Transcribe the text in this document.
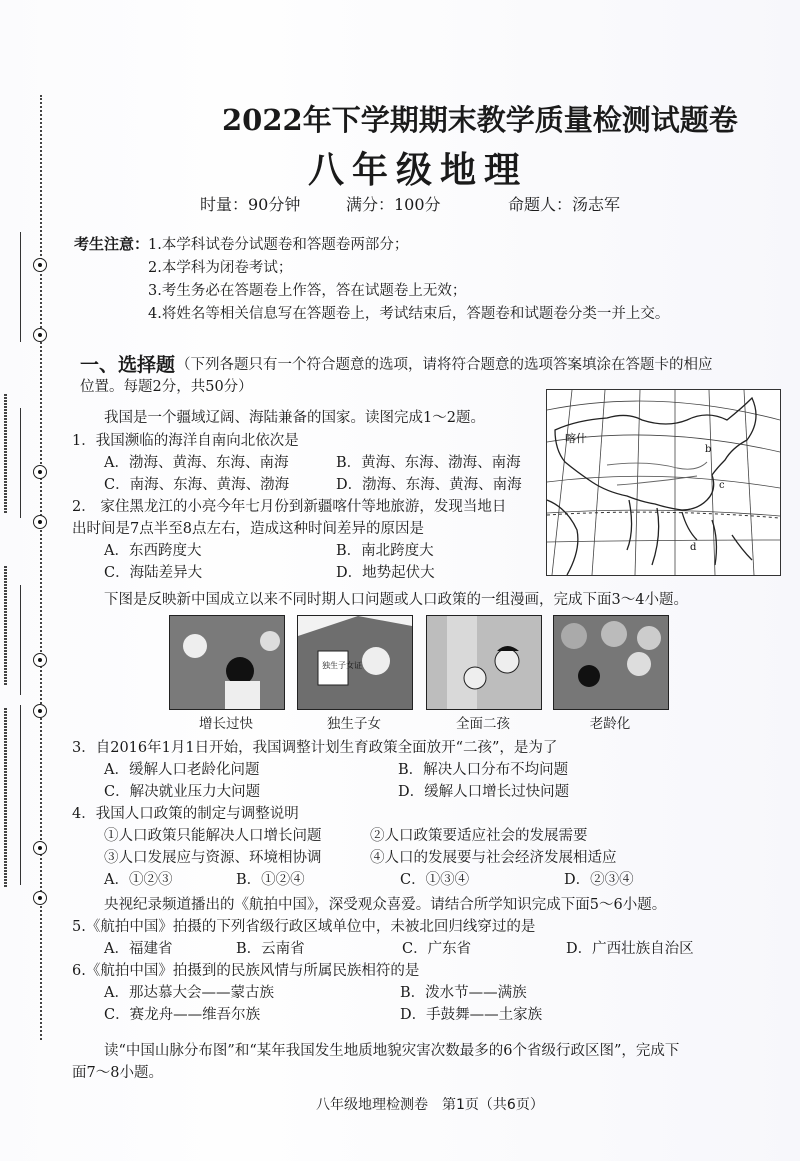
2022年下学期期末教学质量检测试题卷
八年级地理
时量：90分钟	满分：100分	命题人：汤志军
考生注意：
1.本学科试卷分试题卷和答题卷两部分；
2.本学科为闭卷考试；
3.考生务必在答题卷上作答，答在试题卷上无效；
4.将姓名等相关信息写在答题卷上，考试结束后，答题卷和试题卷分类一并上交。
一、选择题 （下列各题只有一个符合题意的选项，请将符合题意的选项答案填涂在答题卡的相应
位置。每题2分，共50分）
我国是一个疆域辽阔、海陆兼备的国家。读图完成1～2题。
1．我国濒临的海洋自南向北依次是
A．渤海、黄海、东海、南海	B．黄海、东海、渤海、南海
C．南海、东海、黄海、渤海	D．渤海、东海、黄海、南海
2． 家住黑龙江的小亮今年七月份到新疆喀什等地旅游，发现当地日
出时间是7点半至8点左右，造成这种时间差异的原因是
A．东西跨度大	B．南北跨度大
C．海陆差异大	D．地势起伏大
喀什
b
c
d
下图是反映新中国成立以来不同时期人口问题或人口政策的一组漫画，完成下面3～4小题。
独生子女证
增长过快	独生子女	全面二孩	老龄化
3．自2016年1月1日开始，我国调整计划生育政策全面放开“二孩”，是为了
A．缓解人口老龄化问题	B．解决人口分布不均问题
C．解决就业压力大问题	D．缓解人口增长过快问题
4．我国人口政策的制定与调整说明
①人口政策只能解决人口增长问题	②人口政策要适应社会的发展需要
③人口发展应与资源、环境相协调	④人口的发展要与社会经济发展相适应
A．①②③	B．①②④	C．①③④	D．②③④
央视纪录频道播出的《航拍中国》，深受观众喜爱。请结合所学知识完成下面5～6小题。
5.《航拍中国》拍摄的下列省级行政区域单位中，未被北回归线穿过的是
A．福建省	B．云南省	C．广东省	D．广西壮族自治区
6.《航拍中国》拍摄到的民族风情与所属民族相符的是
A．那达慕大会——蒙古族	B．泼水节——满族
C．赛龙舟——维吾尔族	D．手鼓舞——土家族
读“中国山脉分布图”和“某年我国发生地质地貌灾害次数最多的6个省级行政区图”，完成下
面7～8小题。
八年级地理检测卷　第1页（共6页）
